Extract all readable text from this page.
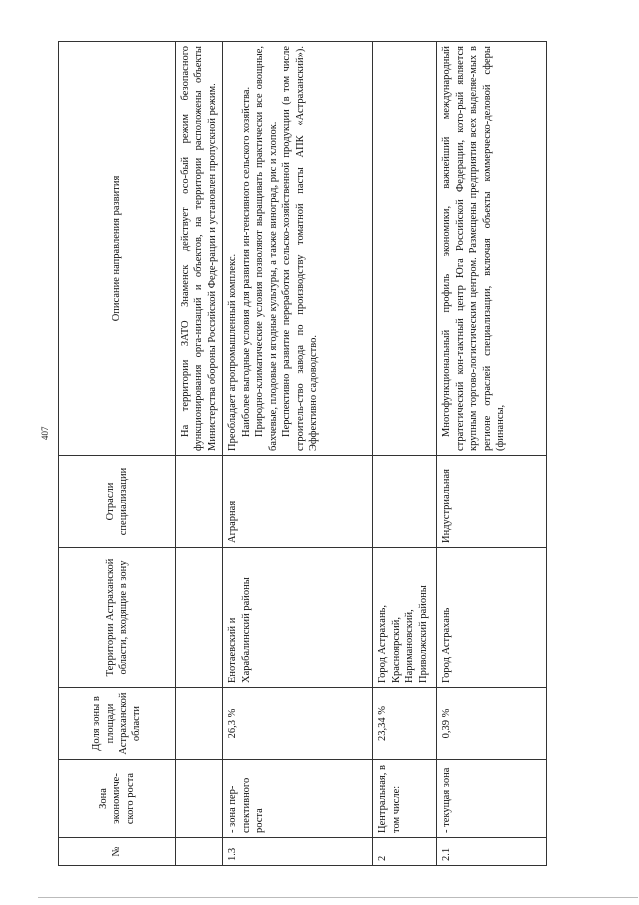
407
№	Зона экономиче-ского роста	Доля зоны в площади Астраханской области	Территории Астраханской области, входящие в зону	Отрасли специализации	Описание направления развития

					На территории ЗАТО Знаменск действует осо-бый режим безопасного функционирования орга-низаций и объектов, на территории расположены объекты Министерства обороны Российской Феде-рации и установлен пропускной режим.

1.3	- зона пер-спективного роста	26,3 %	Енотаевский и Харабалинский районы	Аграрная	Преобладает агропромышленный комплекс. Наиболее выгодные условия для развития ин-тенсивного сельского хозяйства. Природно-климатические условия позволяют выращивать практически все овощные, бахчевые, плодовые и ягодные культуры, а также виноград, рис и хлопок. Перспективно развитие переработки сельско-хозяйственной продукции (в том числе строитель-ство завода по производству томатной пасты АПК «Астраханский»). Эффективно садоводство.

2	Центральная, в том числе:	23,34 %	Город Астрахань, Красноярский, Наримановский, Приволжский районы		
2.1	- текущая зона	0,39 %	Город Астрахань	Индустриальная	Многофункциональный профиль экономики, важнейший международный стратегический кон-тактный центр Юга Российской Федерации, кото-рый является крупным торгово-логистическим центром. Размещены предприятия всех выделяе-мых в регионе отраслей специализации, включая объекты коммерческо-деловой сферы (финансы,
